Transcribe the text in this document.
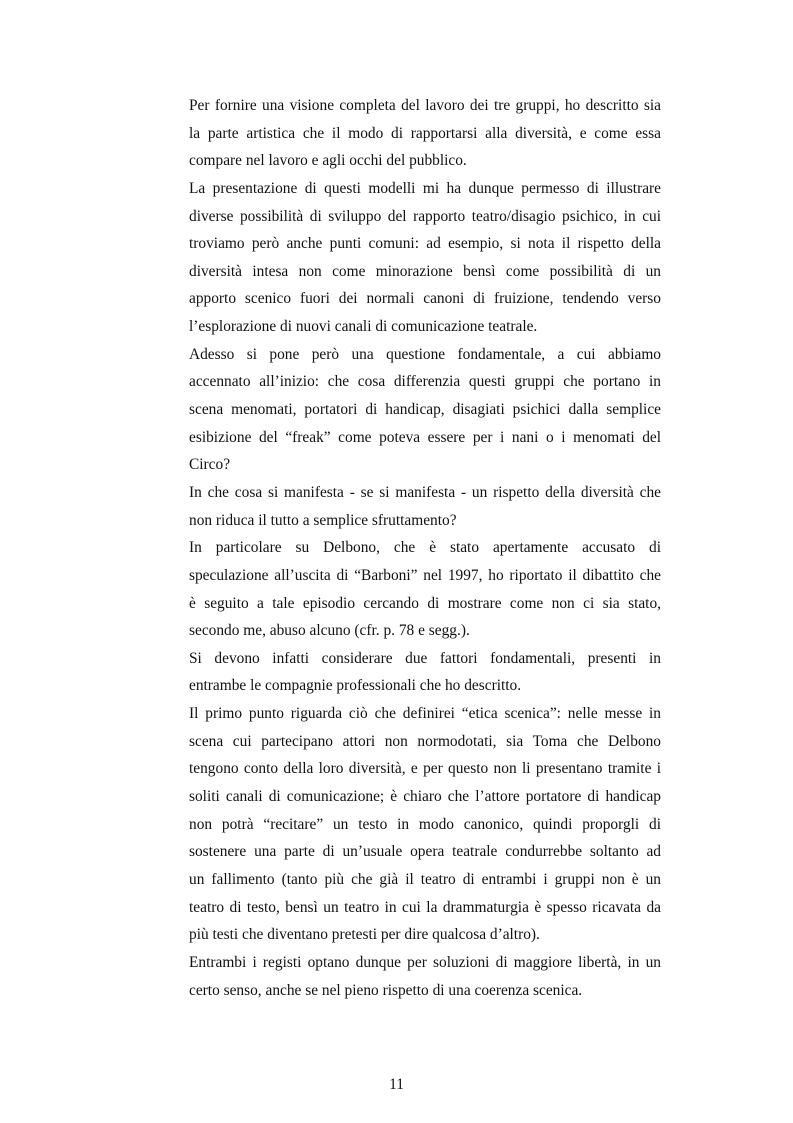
Per fornire una visione completa del lavoro dei tre gruppi, ho descritto sia
la parte artistica che il modo di rapportarsi alla diversità, e come essa
compare nel lavoro e agli occhi del pubblico.
La presentazione di questi modelli mi ha dunque permesso di illustrare
diverse possibilità di sviluppo del rapporto teatro/disagio psichico, in cui
troviamo però anche punti comuni: ad esempio, si nota il rispetto della
diversità intesa non come minorazione bensì come possibilità di un
apporto scenico fuori dei normali canoni di fruizione, tendendo verso
l’esplorazione di nuovi canali di comunicazione teatrale.
Adesso si pone però una questione fondamentale, a cui abbiamo
accennato all’inizio: che cosa differenzia questi gruppi che portano in
scena menomati, portatori di handicap, disagiati psichici dalla semplice
esibizione del “freak” come poteva essere per i nani o i menomati del
Circo?
In che cosa si manifesta - se si manifesta - un rispetto della diversità che
non riduca il tutto a semplice sfruttamento?
In particolare su Delbono, che è stato apertamente accusato di
speculazione all’uscita di “Barboni” nel 1997, ho riportato il dibattito che
è seguito a tale episodio cercando di mostrare come non ci sia stato,
secondo me, abuso alcuno (cfr. p. 78 e segg.).
Si devono infatti considerare due fattori fondamentali, presenti in
entrambe le compagnie professionali che ho descritto.
Il primo punto riguarda ciò che definirei “etica scenica”: nelle messe in
scena cui partecipano attori non normodotati, sia Toma che Delbono
tengono conto della loro diversità, e per questo non li presentano tramite i
soliti canali di comunicazione; è chiaro che l’attore portatore di handicap
non potrà “recitare” un testo in modo canonico, quindi proporgli di
sostenere una parte di un’usuale opera teatrale condurrebbe soltanto ad
un fallimento (tanto più che già il teatro di entrambi i gruppi non è un
teatro di testo, bensì un teatro in cui la drammaturgia è spesso ricavata da
più testi che diventano pretesti per dire qualcosa d’altro).
Entrambi i registi optano dunque per soluzioni di maggiore libertà, in un
certo senso, anche se nel pieno rispetto di una coerenza scenica.
11
